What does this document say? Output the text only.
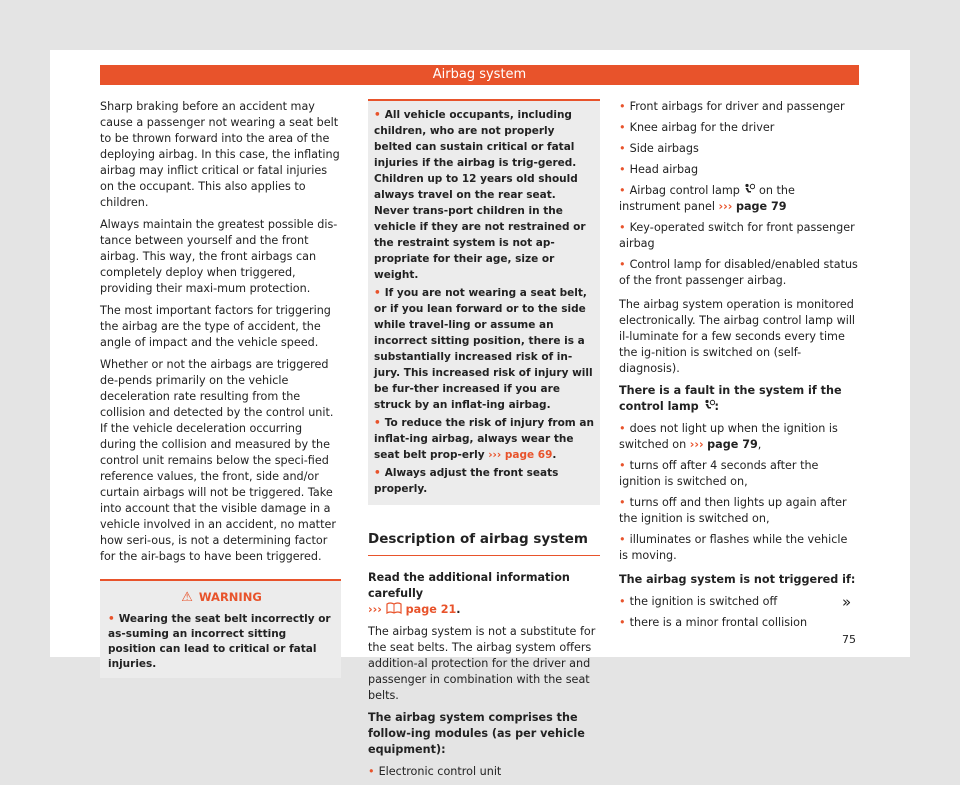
Airbag system

Sharp braking before an accident may cause a passenger not wearing a seat belt to be thrown forward into the area of the deploying airbag. In this case, the inflating airbag may inflict critical or fatal injuries on the occupant. This also applies to children.

Always maintain the greatest possible dis-tance between yourself and the front airbag. This way, the front airbags can completely deploy when triggered, providing their maxi-mum protection.

The most important factors for triggering the airbag are the type of accident, the angle of impact and the vehicle speed.

Whether or not the airbags are triggered de-pends primarily on the vehicle deceleration rate resulting from the collision and detected by the control unit. If the vehicle deceleration occurring during the collision and measured by the control unit remains below the speci-fied reference values, the front, side and/or curtain airbags will not be triggered. Take into account that the visible damage in a vehicle involved in an accident, no matter how seri-ous, is not a determining factor for the air-bags to have been triggered.

⚠ WARNING
• Wearing the seat belt incorrectly or as-suming an incorrect sitting position can lead to critical or fatal injuries.
• All vehicle occupants, including children, who are not properly belted can sustain critical or fatal injuries if the airbag is trig-gered. Children up to 12 years old should always travel on the rear seat. Never trans-port children in the vehicle if they are not restrained or the restraint system is not ap-propriate for their age, size or weight.
• If you are not wearing a seat belt, or if you lean forward or to the side while travel-ling or assume an incorrect sitting position, there is a substantially increased risk of in-jury. This increased risk of injury will be fur-ther increased if you are struck by an inflat-ing airbag.
• To reduce the risk of injury from an inflat-ing airbag, always wear the seat belt prop-erly ››› page 69.
• Always adjust the front seats properly.
Description of airbag system

Read the additional information carefully
››› page 21.

The airbag system is not a substitute for the seat belts. The airbag system offers addition-al protection for the driver and passenger in combination with the seat belts.

The airbag system comprises the follow-ing modules (as per vehicle equipment):

• Electronic control unit
• Front airbags for driver and passenger
• Knee airbag for the driver
• Side airbags
• Head airbag
• Airbag control lamp on the instrument panel ››› page 79
• Key-operated switch for front passenger airbag
• Control lamp for disabled/enabled status of the front passenger airbag.

The airbag system operation is monitored electronically. The airbag control lamp will il-luminate for a few seconds every time the ig-nition is switched on (self-diagnosis).

There is a fault in the system if the control lamp :

• does not light up when the ignition is switched on ››› page 79,
• turns off after 4 seconds after the ignition is switched on,
• turns off and then lights up again after the ignition is switched on,
• illuminates or flashes while the vehicle is moving.

The airbag system is not triggered if:

• the ignition is switched off
• there is a minor frontal collision
»
75
